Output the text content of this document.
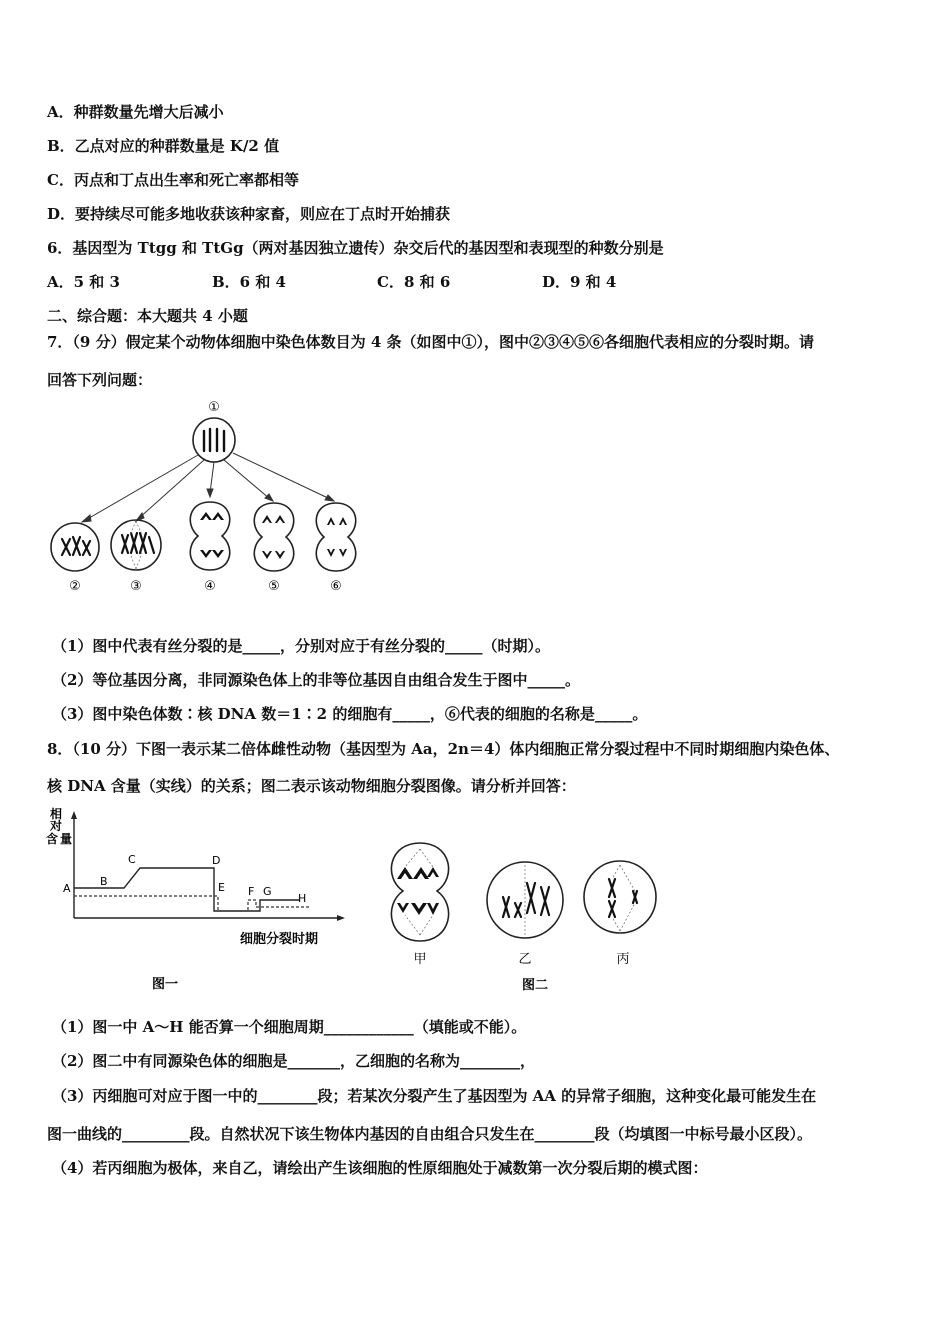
A．种群数量先增大后减小
B．乙点对应的种群数量是 K/2 值
C．丙点和丁点出生率和死亡率都相等
D．要持续尽可能多地收获该种家畜，则应在丁点时开始捕获
6．基因型为 Ttgg 和 TtGg（两对基因独立遗传）杂交后代的基因型和表现型的种数分别是
A．5 和 3	B．6 和 4	C．8 和 6	D．9 和 4
二、综合题：本大题共 4 小题
7．（9 分）假定某个动物体细胞中染色体数目为 4 条（如图中①），图中②③④⑤⑥各细胞代表相应的分裂时期。请
回答下列问题：
①
②	③	④	⑤	⑥
（1）图中代表有丝分裂的是_____，分别对应于有丝分裂的_____（时期）。
（2）等位基因分离，非同源染色体上的非等位基因自由组合发生于图中_____。
（3）图中染色体数∶核 DNA 数＝1∶2 的细胞有_____，⑥代表的细胞的名称是_____。
8．（10 分）下图一表示某二倍体雌性动物（基因型为 Aa，2n＝4）体内细胞正常分裂过程中不同时期细胞内染色体、
核 DNA 含量（实线）的关系；图二表示该动物细胞分裂图像。请分析并回答：
相
对
含 量
A
B
C	D
E F G
H
细胞分裂时期
图一
甲	乙	丙
图二
（1）图一中 A～H 能否算一个细胞周期____________（填能或不能）。
（2）图二中有同源染色体的细胞是_______，乙细胞的名称为________，
（3）丙细胞可对应于图一中的________段；若某次分裂产生了基因型为 AA 的异常子细胞，这种变化最可能发生在
图一曲线的_________段。自然状况下该生物体内基因的自由组合只发生在________段（均填图一中标号最小区段）。
（4）若丙细胞为极体，来自乙，请绘出产生该细胞的性原细胞处于减数第一次分裂后期的模式图：
